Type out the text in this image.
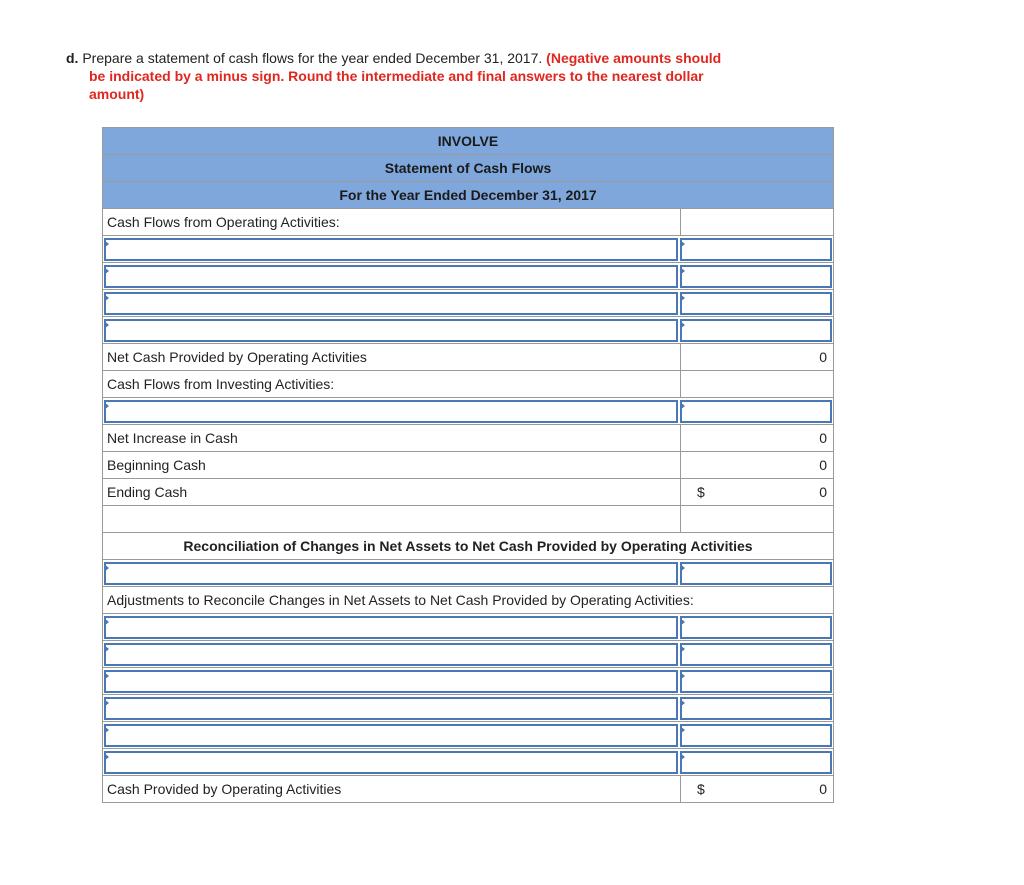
d. Prepare a statement of cash flows for the year ended December 31, 2017. (Negative amounts should
be indicated by a minus sign. Round the intermediate and final answers to the nearest dollar
amount)
INVOLVE
Statement of Cash Flows
For the Year Ended December 31, 2017
Cash Flows from Operating Activities:
Net Cash Provided by Operating Activities	0
Cash Flows from Investing Activities:
Net Increase in Cash	0
Beginning Cash	0
Ending Cash	$	0
Reconciliation of Changes in Net Assets to Net Cash Provided by Operating Activities
Adjustments to Reconcile Changes in Net Assets to Net Cash Provided by Operating Activities:
Cash Provided by Operating Activities	$	0
